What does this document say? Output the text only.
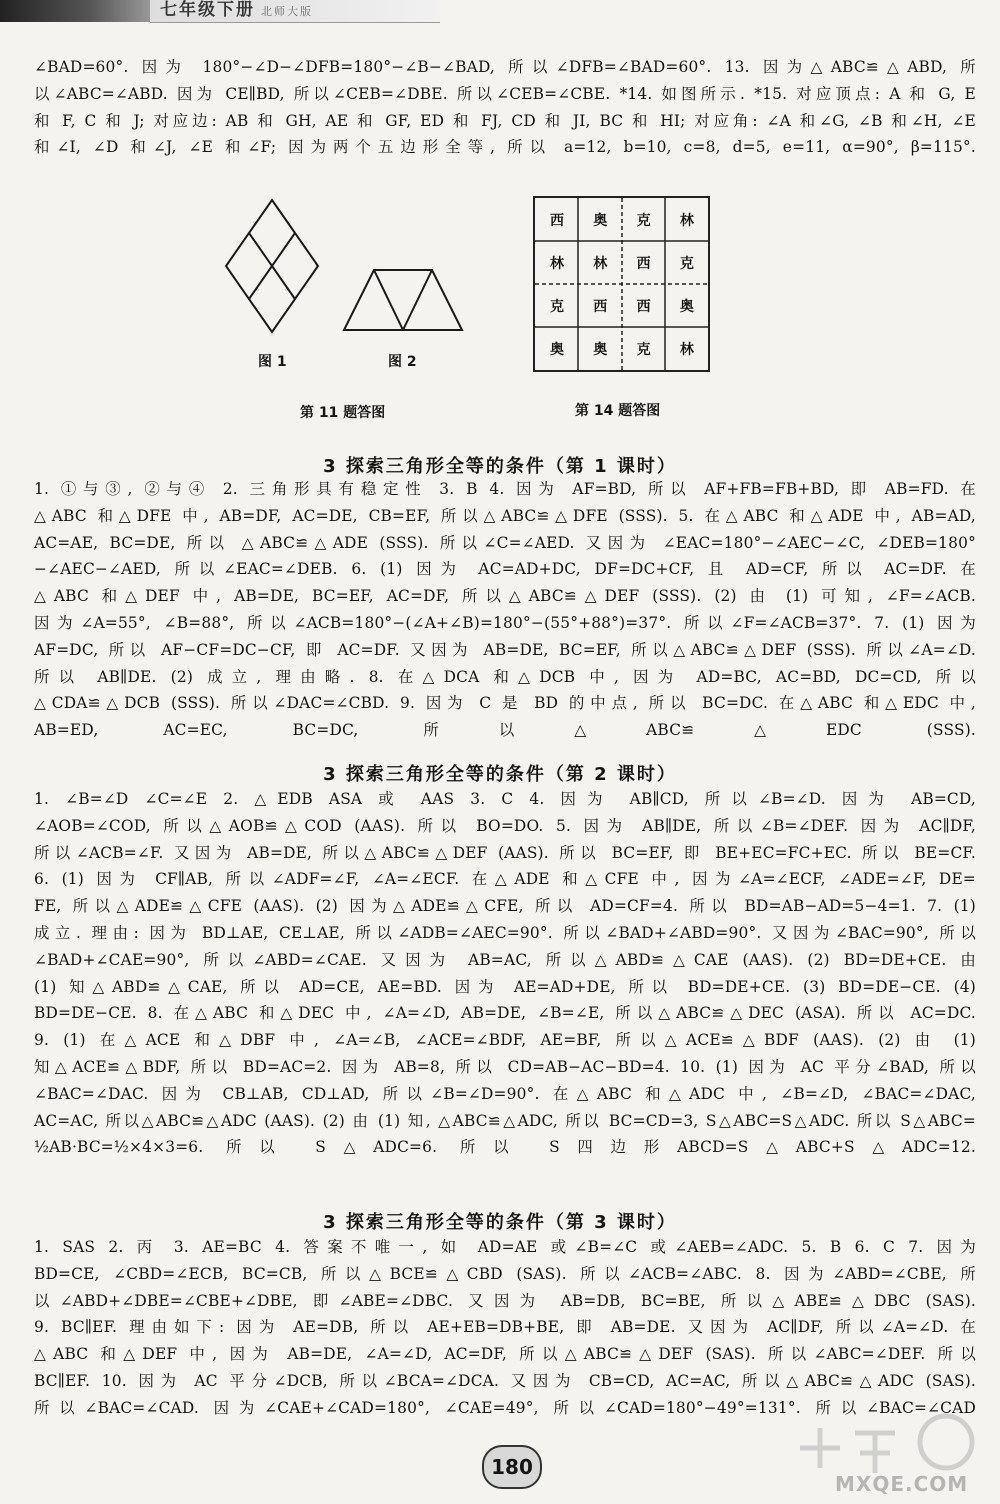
七年级下册 北师大版
∠BAD=60°. 因为 180°−∠D−∠DFB=180°−∠B−∠BAD, 所以∠DFB=∠BAD=60°. 13. 因为△ABC≌△ABD, 所
以∠ABC=∠ABD. 因为 CE∥BD, 所以∠CEB=∠DBE. 所以∠CEB=∠CBE. *14. 如图所示. *15. 对应顶点: A 和 G, E
和 F, C 和 J; 对应边: AB 和 GH, AE 和 GF, ED 和 FJ, CD 和 JI, BC 和 HI; 对应角: ∠A 和∠G, ∠B 和∠H, ∠E
和∠I, ∠D 和∠J, ∠E 和∠F; 因为两个五边形全等, 所以 a=12, b=10, c=8, d=5, e=11, α=90°, β=115°.
图 1	图 2
第 11 题答图
西	奥	克	林
林	林	西	克
克	西	西	奥
奥	奥	克	林
第 14 题答图
3 探索三角形全等的条件（第 1 课时）
1. ①与③, ②与④ 2. 三角形具有稳定性 3. B 4. 因为 AF=BD, 所以 AF+FB=FB+BD, 即 AB=FD. 在
△ABC 和△DFE 中, AB=DF, AC=DE, CB=EF, 所以△ABC≌△DFE (SSS). 5. 在△ABC 和△ADE 中, AB=AD,
AC=AE, BC=DE, 所以 △ABC≌△ADE (SSS). 所以∠C=∠AED. 又因为 ∠EAC=180°−∠AEC−∠C, ∠DEB=180°
−∠AEC−∠AED, 所以∠EAC=∠DEB. 6. (1) 因为 AC=AD+DC, DF=DC+CF, 且 AD=CF, 所以 AC=DF. 在
△ABC 和△DEF 中, AB=DE, BC=EF, AC=DF, 所以△ABC≌△DEF (SSS). (2) 由 (1) 可知, ∠F=∠ACB.
因为∠A=55°, ∠B=88°, 所以∠ACB=180°−(∠A+∠B)=180°−(55°+88°)=37°. 所以∠F=∠ACB=37°. 7. (1) 因为
AF=DC, 所以 AF−CF=DC−CF, 即 AC=DF. 又因为 AB=DE, BC=EF, 所以△ABC≌△DEF (SSS). 所以∠A=∠D.
所以 AB∥DE. (2) 成立, 理由略. 8. 在△DCA 和△DCB 中, 因为 AD=BC, AC=BD, DC=CD, 所以
△CDA≌△DCB (SSS). 所以∠DAC=∠CBD. 9. 因为 C 是 BD 的中点, 所以 BC=DC. 在△ABC 和△EDC 中,
AB=ED, AC=EC, BC=DC, 所以△ABC≌△EDC (SSS).
3 探索三角形全等的条件（第 2 课时）
1. ∠B=∠D ∠C=∠E 2. △EDB ASA 或 AAS 3. C 4. 因为 AB∥CD, 所以∠B=∠D. 因为 AB=CD,
∠AOB=∠COD, 所以△AOB≌△COD (AAS). 所以 BO=DO. 5. 因为 AB∥DE, 所以∠B=∠DEF. 因为 AC∥DF,
所以∠ACB=∠F. 又因为 AB=DE, 所以△ABC≌△DEF (AAS). 所以 BC=EF, 即 BE+EC=FC+EC. 所以 BE=CF.
6. (1) 因为 CF∥AB, 所以∠ADF=∠F, ∠A=∠ECF. 在△ADE 和△CFE 中, 因为∠A=∠ECF, ∠ADE=∠F, DE=
FE, 所以△ADE≌△CFE (AAS). (2) 因为△ADE≌△CFE, 所以 AD=CF=4. 所以 BD=AB−AD=5−4=1. 7. (1)
成立. 理由: 因为 BD⊥AE, CE⊥AE, 所以∠ADB=∠AEC=90°. 所以∠BAD+∠ABD=90°. 又因为∠BAC=90°, 所以
∠BAD+∠CAE=90°, 所以∠ABD=∠CAE. 又因为 AB=AC, 所以△ABD≌△CAE (AAS). (2) BD=DE+CE. 由
(1) 知△ABD≌△CAE, 所以 AD=CE, AE=BD. 因为 AE=AD+DE, 所以 BD=DE+CE. (3) BD=DE−CE. (4)
BD=DE−CE. 8. 在△ABC 和△DEC 中, ∠A=∠D, AB=DE, ∠B=∠E, 所以△ABC≌△DEC (ASA). 所以 AC=DC.
9. (1) 在△ACE 和△DBF 中, ∠A=∠B, ∠ACE=∠BDF, AE=BF, 所以△ACE≌△BDF (AAS). (2) 由 (1)
知△ACE≌△BDF, 所以 BD=AC=2. 因为 AB=8, 所以 CD=AB−AC−BD=4. 10. (1) 因为 AC 平分∠BAD, 所以
∠BAC=∠DAC. 因为 CB⊥AB, CD⊥AD, 所以∠B=∠D=90°. 在△ABC 和△ADC 中, ∠B=∠D, ∠BAC=∠DAC,
AC=AC, 所以△ABC≌△ADC (AAS). (2) 由 (1) 知, △ABC≌△ADC, 所以 BC=CD=3, S△ABC=S△ADC. 所以 S△ABC=
½AB·BC=½×4×3=6. 所以 S△ADC=6. 所以 S四边形ABCD=S△ABC+S△ADC=12.
3 探索三角形全等的条件（第 3 课时）
1. SAS 2. 丙 3. AE=BC 4. 答案不唯一, 如 AD=AE 或∠B=∠C 或∠AEB=∠ADC. 5. B 6. C 7. 因为
BD=CE, ∠CBD=∠ECB, BC=CB, 所以△BCE≌△CBD (SAS). 所以∠ACB=∠ABC. 8. 因为∠ABD=∠CBE, 所
以∠ABD+∠DBE=∠CBE+∠DBE, 即∠ABE=∠DBC. 又因为 AB=DB, BC=BE, 所以△ABE≌△DBC (SAS).
9. BC∥EF. 理由如下: 因为 AE=DB, 所以 AE+EB=DB+BE, 即 AB=DE. 又因为 AC∥DF, 所以∠A=∠D. 在
△ABC 和△DEF 中, 因为 AB=DE, ∠A=∠D, AC=DF, 所以△ABC≌△DEF (SAS). 所以∠ABC=∠DEF. 所以
BC∥EF. 10. 因为 AC 平分∠DCB, 所以∠BCA=∠DCA. 又因为 CB=CD, AC=AC, 所以△ABC≌△ADC (SAS).
所以∠BAC=∠CAD. 因为∠CAE+∠CAD=180°, ∠CAE=49°, 所以∠CAD=180°−49°=131°. 所以∠BAC=∠CAD
180
MXQE.COM
